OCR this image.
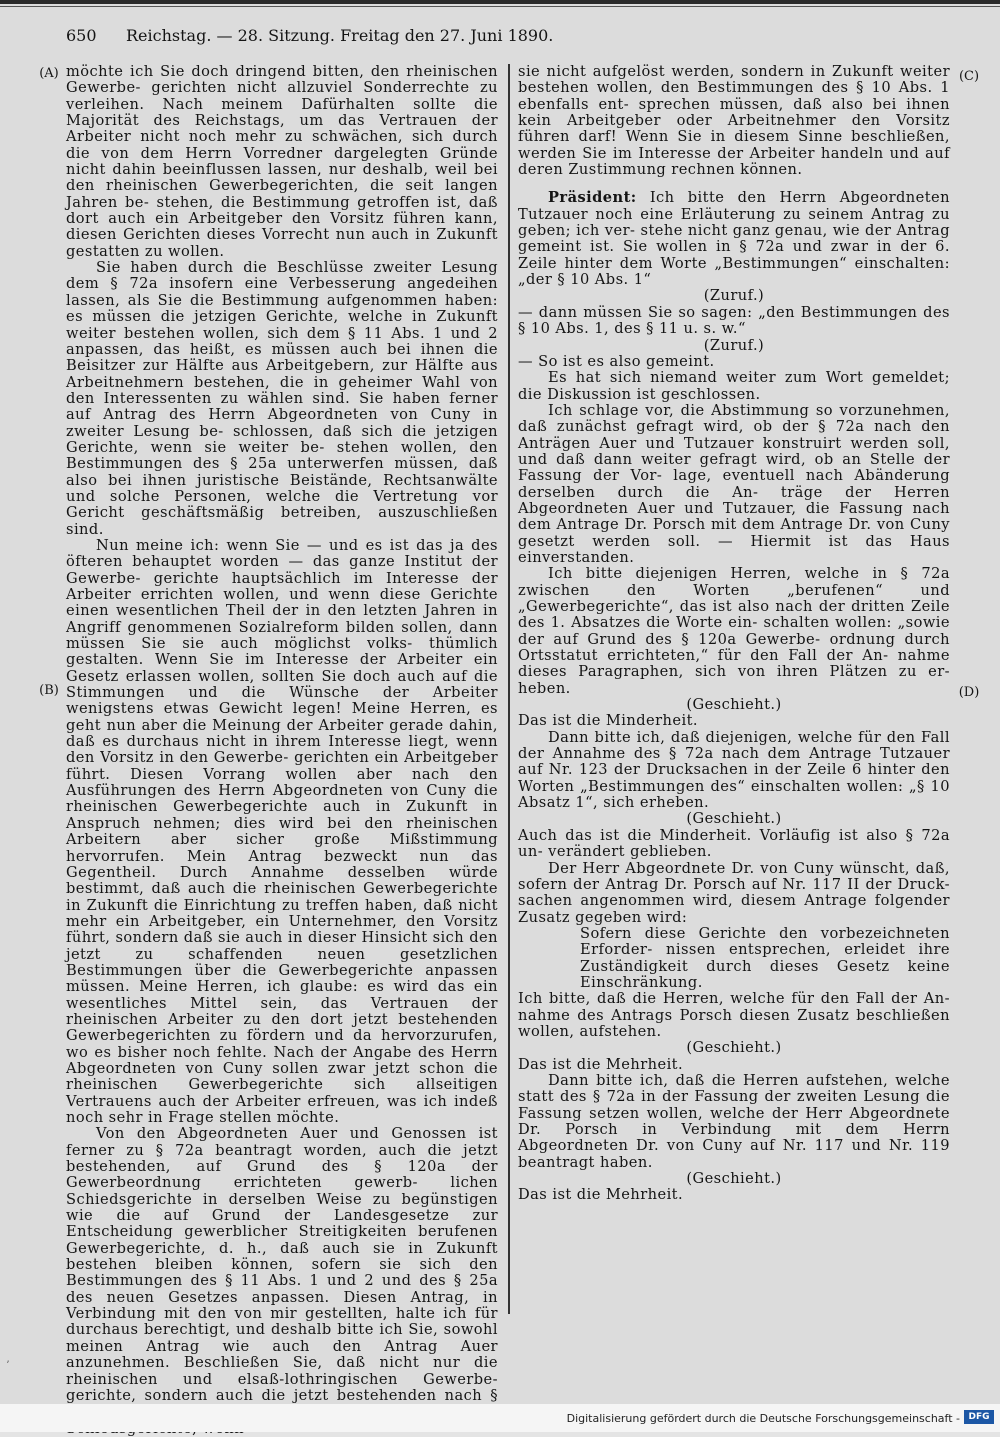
650	Reichstag. — 28. Sitzung. Freitag den 27. Juni 1890.
(A)
(B)
(C)
(D)

möchte ich Sie doch dringend bitten, den rheinischen Gewerbe- gerichten nicht allzuviel Sonderrechte zu verleihen. Nach meinem Dafürhalten sollte die Majorität des Reichstags, um das Vertrauen der Arbeiter nicht noch mehr zu schwächen, sich durch die von dem Herrn Vorredner dargelegten Gründe nicht dahin beeinflussen lassen, nur deshalb, weil bei den rheinischen Gewerbegerichten, die seit langen Jahren be- stehen, die Bestimmung getroffen ist, daß dort auch ein Arbeitgeber den Vorsitz führen kann, diesen Gerichten dieses Vorrecht nun auch in Zukunft gestatten zu wollen.

Sie haben durch die Beschlüsse zweiter Lesung dem § 72a insofern eine Verbesserung angedeihen lassen, als Sie die Bestimmung aufgenommen haben: es müssen die jetzigen Gerichte, welche in Zukunft weiter bestehen wollen, sich dem § 11 Abs. 1 und 2 anpassen, das heißt, es müssen auch bei ihnen die Beisitzer zur Hälfte aus Arbeitgebern, zur Hälfte aus Arbeitnehmern bestehen, die in geheimer Wahl von den Interessenten zu wählen sind. Sie haben ferner auf Antrag des Herrn Abgeordneten von Cuny in zweiter Lesung be- schlossen, daß sich die jetzigen Gerichte, wenn sie weiter be- stehen wollen, den Bestimmungen des § 25a unterwerfen müssen, daß also bei ihnen juristische Beistände, Rechtsanwälte und solche Personen, welche die Vertretung vor Gericht geschäftsmäßig betreiben, auszuschließen sind.

Nun meine ich: wenn Sie — und es ist das ja des öfteren behauptet worden — das ganze Institut der Gewerbe- gerichte hauptsächlich im Interesse der Arbeiter errichten wollen, und wenn diese Gerichte einen wesentlichen Theil der in den letzten Jahren in Angriff genommenen Sozialreform bilden sollen, dann müssen Sie sie auch möglichst volks- thümlich gestalten. Wenn Sie im Interesse der Arbeiter ein Gesetz erlassen wollen, sollten Sie doch auch auf die Stimmungen und die Wünsche der Arbeiter wenigstens etwas Gewicht legen! Meine Herren, es geht nun aber die Meinung der Arbeiter gerade dahin, daß es durchaus nicht in ihrem Interesse liegt, wenn den Vorsitz in den Gewerbe- gerichten ein Arbeitgeber führt. Diesen Vorrang wollen aber nach den Ausführungen des Herrn Abgeordneten von Cuny die rheinischen Gewerbegerichte auch in Zukunft in Anspruch nehmen; dies wird bei den rheinischen Arbeitern aber sicher große Mißstimmung hervorrufen. Mein Antrag bezweckt nun das Gegentheil. Durch Annahme desselben würde bestimmt, daß auch die rheinischen Gewerbegerichte in Zukunft die Einrichtung zu treffen haben, daß nicht mehr ein Arbeitgeber, ein Unternehmer, den Vorsitz führt, sondern daß sie auch in dieser Hinsicht sich den jetzt zu schaffenden neuen gesetzlichen Bestimmungen über die Gewerbegerichte anpassen müssen. Meine Herren, ich glaube: es wird das ein wesentliches Mittel sein, das Vertrauen der rheinischen Arbeiter zu den dort jetzt bestehenden Gewerbegerichten zu fördern und da hervorzurufen, wo es bisher noch fehlte. Nach der Angabe des Herrn Abgeordneten von Cuny sollen zwar jetzt schon die rheinischen Gewerbegerichte sich allseitigen Vertrauens auch der Arbeiter erfreuen, was ich indeß noch sehr in Frage stellen möchte.

Von den Abgeordneten Auer und Genossen ist ferner zu § 72a beantragt worden, auch die jetzt bestehenden, auf Grund des § 120a der Gewerbeordnung errichteten gewerb- lichen Schiedsgerichte in derselben Weise zu begünstigen wie die auf Grund der Landesgesetze zur Entscheidung gewerblicher Streitigkeiten berufenen Gewerbegerichte, d. h., daß auch sie in Zukunft bestehen bleiben können, sofern sie sich den Bestimmungen des § 11 Abs. 1 und 2 und des § 25a des neuen Gesetzes anpassen. Diesen Antrag, in Verbindung mit den von mir gestellten, halte ich für durchaus berechtigt, und deshalb bitte ich Sie, sowohl meinen Antrag wie auch den Antrag Auer anzunehmen. Beschließen Sie, daß nicht nur die rheinischen und elsaß-lothringischen Gewerbe- gerichte, sondern auch die jetzt bestehenden nach §

sie nicht aufgelöst werden, sondern in Zukunft weiter bestehen wollen, den Bestimmungen des § 10 Abs. 1 ebenfalls ent- sprechen müssen, daß also bei ihnen kein Arbeitgeber oder Arbeitnehmer den Vorsitz führen darf! Wenn Sie in diesem Sinne beschließen, werden Sie im Interesse der Arbeiter handeln und auf deren Zustimmung rechnen können.

Präsident: Ich bitte den Herrn Abgeordneten Tutzauer noch eine Erläuterung zu seinem Antrag zu geben; ich ver- stehe nicht ganz genau, wie der Antrag gemeint ist. Sie wollen in § 72a und zwar in der 6. Zeile hinter dem Worte „Bestimmungen“ einschalten: „der § 10 Abs. 1“

(Zuruf.)

— dann müssen Sie so sagen: „den Bestimmungen des § 10 Abs. 1, des § 11 u. s. w.“

(Zuruf.)

— So ist es also gemeint.

Es hat sich niemand weiter zum Wort gemeldet; die Diskussion ist geschlossen.

Ich schlage vor, die Abstimmung so vorzunehmen, daß zunächst gefragt wird, ob der § 72a nach den Anträgen Auer und Tutzauer konstruirt werden soll, und daß dann weiter gefragt wird, ob an Stelle der Fassung der Vor- lage, eventuell nach Abänderung derselben durch die An- träge der Herren Abgeordneten Auer und Tutzauer, die Fassung nach dem Antrage Dr. Porsch mit dem Antrage Dr. von Cuny gesetzt werden soll. — Hiermit ist das Haus einverstanden.

Ich bitte diejenigen Herren, welche in § 72a zwischen den Worten „berufenen“ und „Gewerbegerichte“, das ist also nach der dritten Zeile des 1. Absatzes die Worte ein- schalten wollen: „sowie der auf Grund des § 120a Gewerbe- ordnung durch Ortsstatut errichteten,“ für den Fall der An- nahme dieses Paragraphen, sich von ihren Plätzen zu er- heben.

(Geschieht.)

Das ist die Minderheit.

Dann bitte ich, daß diejenigen, welche für den Fall der Annahme des § 72a nach dem Antrage Tutzauer auf Nr. 123 der Drucksachen in der Zeile 6 hinter den Worten „Bestimmungen des“ einschalten wollen: „§ 10 Absatz 1“, sich erheben.

(Geschieht.)

Auch das ist die Minderheit. Vorläufig ist also § 72a un- verändert geblieben.

Der Herr Abgeordnete Dr. von Cuny wünscht, daß, sofern der Antrag Dr. Porsch auf Nr. 117 II der Druck- sachen angenommen wird, diesem Antrage folgender Zusatz gegeben wird:

Sofern diese Gerichte den vorbezeichneten Erforder- nissen entsprechen, erleidet ihre Zuständigkeit durch dieses Gesetz keine Einschränkung.

Ich bitte, daß die Herren, welche für den Fall der An- nahme des Antrags Porsch diesen Zusatz beschließen wollen, aufstehen.

(Geschieht.)

Das ist die Mehrheit.

Dann bitte ich, daß die Herren aufstehen, welche statt des § 72a in der Fassung der zweiten Lesung die Fassung setzen wollen, welche der Herr Abgeordnete Dr. Porsch in Verbindung mit dem Herrn Abgeordneten Dr. von Cuny auf Nr. 117 und Nr. 119 beantragt haben.

(Geschieht.)

Das ist die Mehrheit.

ʼ
Digitalisierung gefördert durch die Deutsche Forschungsgemeinschaft - DFG
